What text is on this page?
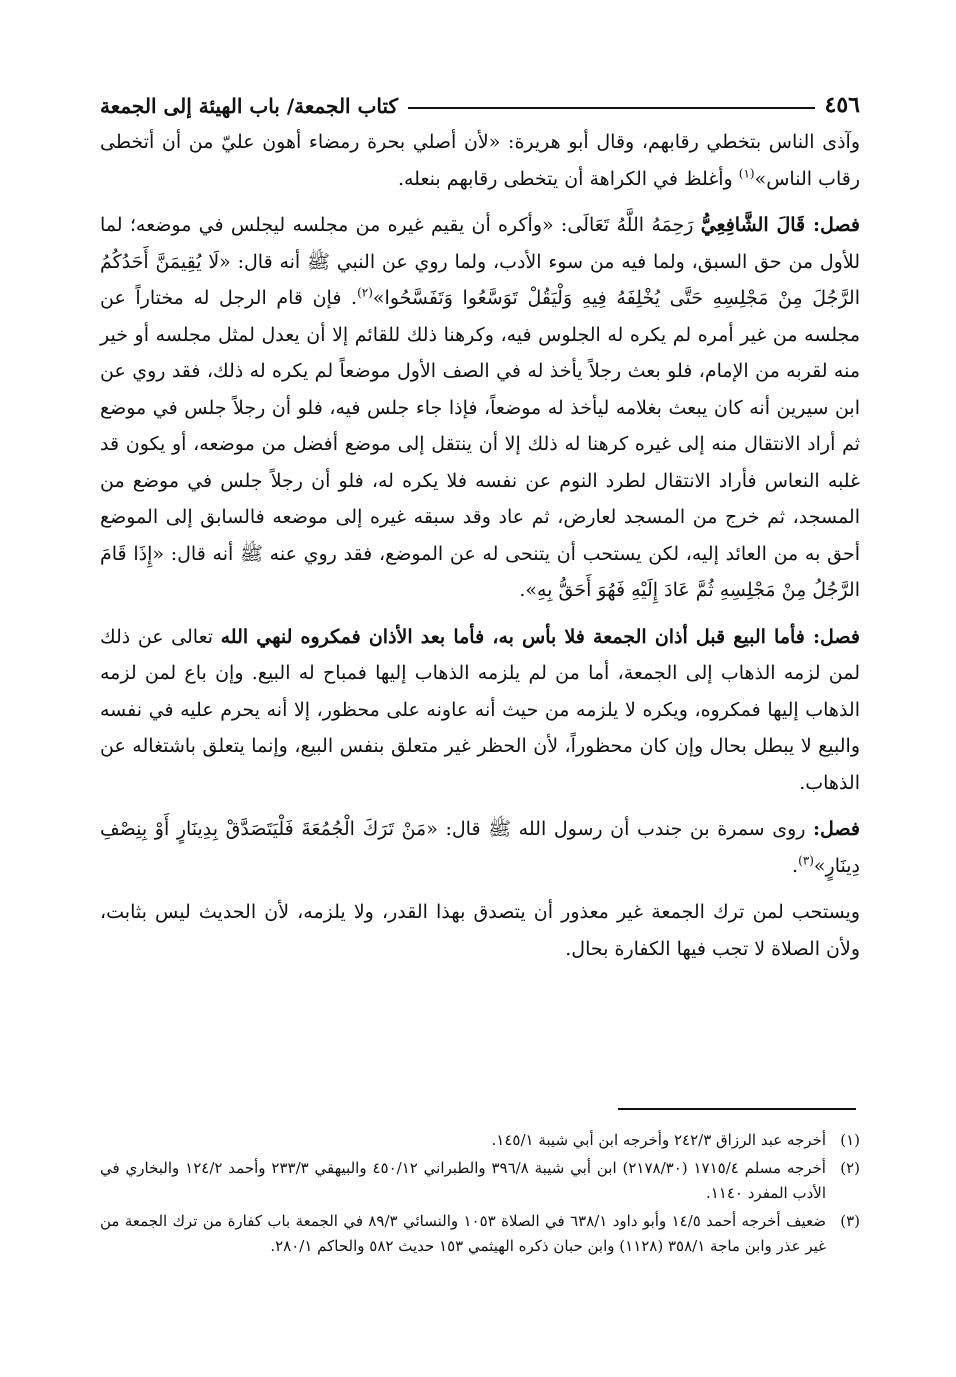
٤٥٦
كتاب الجمعة/ باب الهيئة إلى الجمعة

وآذى الناس بتخطي رقابهم، وقال أبو هريرة: «لأن أصلي بحرة رمضاء أهون عليّ من أن أتخطى رقاب الناس»$^{(١)}$ وأغلظ في الكراهة أن يتخطى رقابهم بنعله.

فصل: قَالَ الشَّافِعِيُّ رَحِمَهُ اللَّهُ تَعَالَى: «وأكره أن يقيم غيره من مجلسه ليجلس في موضعه؛ لما للأول من حق السبق، ولما فيه من سوء الأدب، ولما روي عن النبي ﷺ أنه قال: «لَا يُقِيمَنَّ أَحَدُكُمُ الرَّجُلَ مِنْ مَجْلِسِهِ حَتَّى يُخْلِفَهُ فِيهِ وَلْيَقُلْ تَوَسَّعُوا وَتَفَسَّحُوا»$^{(٢)}$. فإن قام الرجل له مختاراً عن مجلسه من غير أمره لم يكره له الجلوس فيه، وكرهنا ذلك للقائم إلا أن يعدل لمثل مجلسه أو خير منه لقربه من الإمام، فلو بعث رجلاً يأخذ له في الصف الأول موضعاً لم يكره له ذلك، فقد روي عن ابن سيرين أنه كان يبعث بغلامه ليأخذ له موضعاً، فإذا جاء جلس فيه، فلو أن رجلاً جلس في موضع ثم أراد الانتقال منه إلى غيره كرهنا له ذلك إلا أن ينتقل إلى موضع أفضل من موضعه، أو يكون قد غلبه النعاس فأراد الانتقال لطرد النوم عن نفسه فلا يكره له، فلو أن رجلاً جلس في موضع من المسجد، ثم خرج من المسجد لعارض، ثم عاد وقد سبقه غيره إلى موضعه فالسابق إلى الموضع أحق به من العائد إليه، لكن يستحب أن يتنحى له عن الموضع، فقد روي عنه ﷺ أنه قال: «إِذَا قَامَ الرَّجُلُ مِنْ مَجْلِسِهِ ثُمَّ عَادَ إِلَيْهِ فَهُوَ أَحَقُّ بِهِ».

فصل: فأما البيع قبل أذان الجمعة فلا بأس به، فأما بعد الأذان فمكروه لنهي الله تعالى عن ذلك لمن لزمه الذهاب إلى الجمعة، أما من لم يلزمه الذهاب إليها فمباح له البيع. وإن باع لمن لزمه الذهاب إليها فمكروه، ويكره لا يلزمه من حيث أنه عاونه على محظور، إلا أنه يحرم عليه في نفسه والبيع لا يبطل بحال وإن كان محظوراً، لأن الحظر غير متعلق بنفس البيع، وإنما يتعلق باشتغاله عن الذهاب.

فصل: روى سمرة بن جندب أن رسول الله ﷺ قال: «مَنْ تَرَكَ الْجُمُعَةَ فَلْيَتَصَدَّقْ بِدِينَارٍ أَوْ بِنِصْفِ دِينَارٍ»$^{(٣)}$.

ويستحب لمن ترك الجمعة غير معذور أن يتصدق بهذا القدر، ولا يلزمه، لأن الحديث ليس بثابت، ولأن الصلاة لا تجب فيها الكفارة بحال.

(١)
أخرجه عبد الرزاق ٢٤٢/٣ وأخرجه ابن أبي شيبة ١٤٥/١.
(٢)
أخرجه مسلم ١٧١٥/٤ (٢١٧٨/٣٠) ابن أبي شيبة ٣٩٦/٨ والطبراني ٤٥٠/١٢ والبيهقي ٢٣٣/٣ وأحمد ١٢٤/٢ والبخاري في الأدب المفرد ١١٤٠.
(٣)
ضعيف أخرجه أحمد ١٤/٥ وأبو داود ٦٣٨/١ في الصلاة ١٠٥٣ والنسائي ٨٩/٣ في الجمعة باب كفارة من ترك الجمعة من غير عذر وابن ماجة ٣٥٨/١ (١١٢٨) وابن حبان ذكره الهيثمي ١٥٣ حديث ٥٨٢ والحاكم ٢٨٠/١.
